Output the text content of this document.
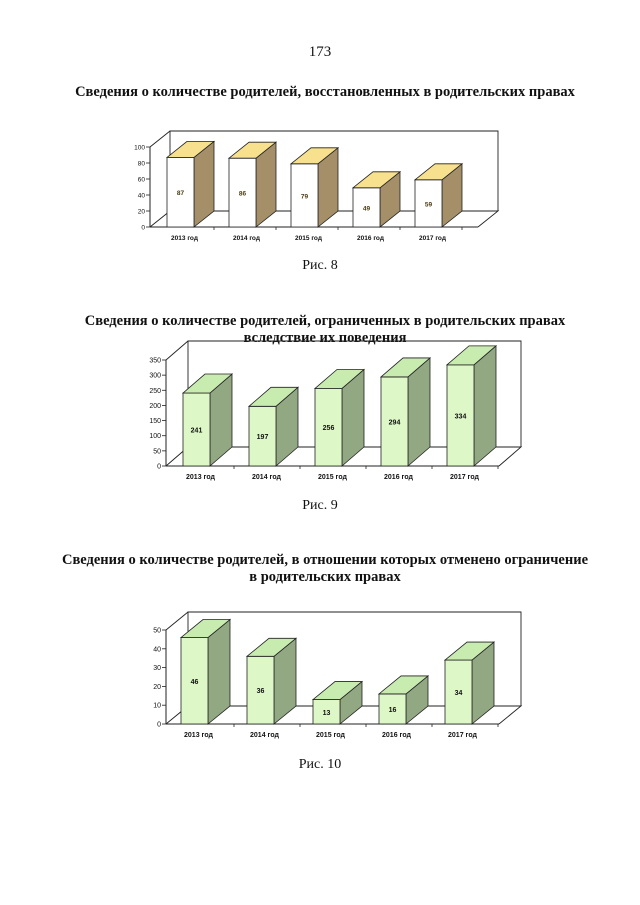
173
Сведения о количестве родителей, восстановленных в родительских правах
0
20
40
60
80
100
87
2013 год
86
2014 год
79
2015 год
49
2016 год
59
2017 год
Рис. 8
Сведения о количестве родителей, ограниченных в родительских правах вследствие их поведения
0
50
100
150
200
250
300
350
241
2013 год
197
2014 год
256
2015 год
294
2016 год
334
2017 год
Рис. 9
Сведения о количестве родителей, в отношении которых отменено ограничение в родительских правах
0
10
20
30
40
50
46
2013 год
36
2014 год
13
2015 год
16
2016 год
34
2017 год
Рис. 10
